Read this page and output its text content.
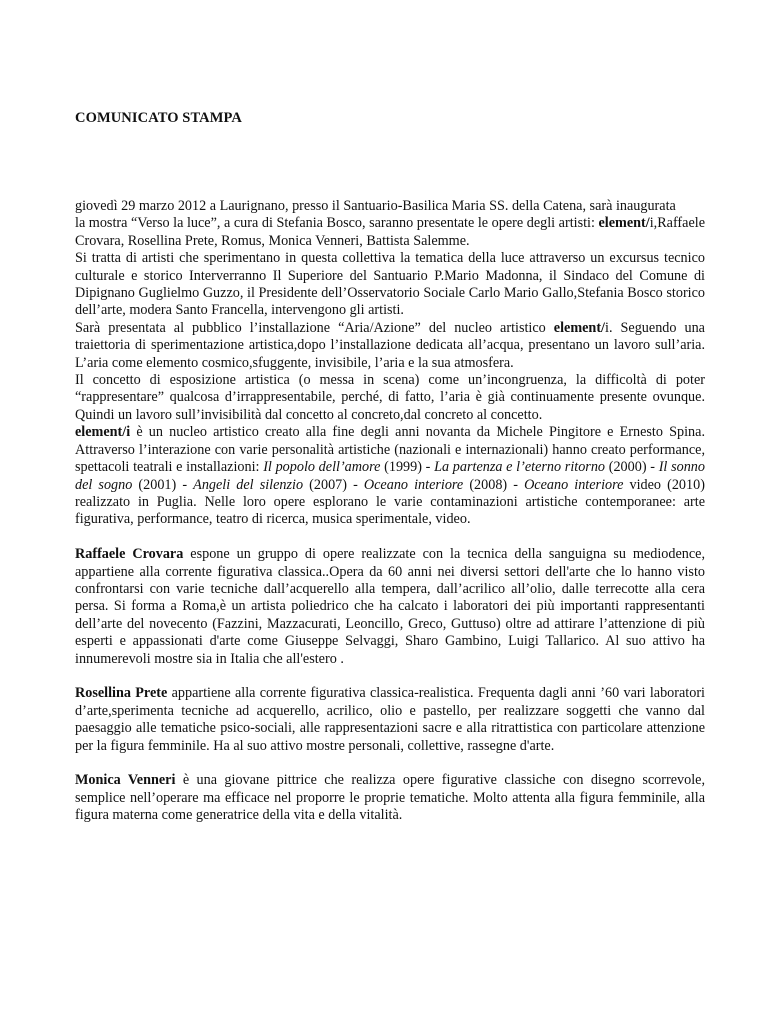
COMUNICATO STAMPA

giovedì 29 marzo 2012 a Laurignano, presso il Santuario-Basilica Maria SS. della Catena, sarà inaugurata

la mostra “Verso la luce”, a cura di Stefania Bosco, saranno presentate le opere degli artisti: element/i,Raffaele Crovara, Rosellina Prete, Romus, Monica Venneri, Battista Salemme.

Si tratta di artisti che sperimentano in questa collettiva la tematica della luce attraverso un excursus tecnico culturale e storico Interverranno Il Superiore del Santuario P.Mario Madonna, il Sindaco del Comune di Dipignano Guglielmo Guzzo, il Presidente dell’Osservatorio Sociale Carlo Mario Gallo,Stefania Bosco storico dell’arte, modera Santo Francella, intervengono gli artisti.

Sarà presentata al pubblico l’installazione “Aria/Azione” del nucleo artistico element/i. Seguendo una traiettoria di sperimentazione artistica,dopo l’installazione dedicata all’acqua, presentano un lavoro sull’aria. L’aria come elemento cosmico,sfuggente, invisibile, l’aria e la sua atmosfera.

Il concetto di esposizione artistica (o messa in scena) come un’incongruenza, la difficoltà di poter “rappresentare” qualcosa d’irrappresentabile, perché, di fatto, l’aria è già continuamente presente ovunque. Quindi un lavoro sull’invisibilità dal concetto al concreto,dal concreto al concetto.

element/i è un nucleo artistico creato alla fine degli anni novanta da Michele Pingitore e Ernesto Spina. Attraverso l’interazione con varie personalità artistiche (nazionali e internazionali) hanno creato performance, spettacoli teatrali e installazioni: Il popolo dell’amore (1999) - La partenza e l’eterno ritorno (2000) - Il sonno del sogno (2001) - Angeli del silenzio (2007) - Oceano interiore (2008) - Oceano interiore video (2010) realizzato in Puglia. Nelle loro opere esplorano le varie contaminazioni artistiche contemporanee: arte figurativa, performance, teatro di ricerca, musica sperimentale, video.

Raffaele Crovara espone un gruppo di opere realizzate con la tecnica della sanguigna su mediodence, appartiene alla corrente figurativa classica..Opera da 60 anni nei diversi settori dell'arte che lo hanno visto confrontarsi con varie tecniche dall’acquerello alla tempera, dall’acrilico all’olio, dalle terrecotte alla cera persa. Si forma a Roma,è un artista poliedrico che ha calcato i laboratori dei più importanti rappresentanti dell’arte del novecento (Fazzini, Mazzacurati, Leoncillo, Greco, Guttuso) oltre ad attirare l’attenzione di più esperti e appassionati d'arte come Giuseppe Selvaggi, Sharo Gambino, Luigi Tallarico. Al suo attivo ha innumerevoli mostre sia in Italia che all'estero .

Rosellina Prete appartiene alla corrente figurativa classica-realistica. Frequenta dagli anni ’60 vari laboratori d’arte,sperimenta tecniche ad acquerello, acrilico, olio e pastello, per realizzare soggetti che vanno dal paesaggio alle tematiche psico-sociali, alle rappresentazioni sacre e alla ritrattistica con particolare attenzione per la figura femminile. Ha al suo attivo mostre personali, collettive, rassegne d'arte.

Monica Venneri è una giovane pittrice che realizza opere figurative classiche con disegno scorrevole, semplice nell’operare ma efficace nel proporre le proprie tematiche. Molto attenta alla figura femminile, alla figura materna come generatrice della vita e della vitalità.
